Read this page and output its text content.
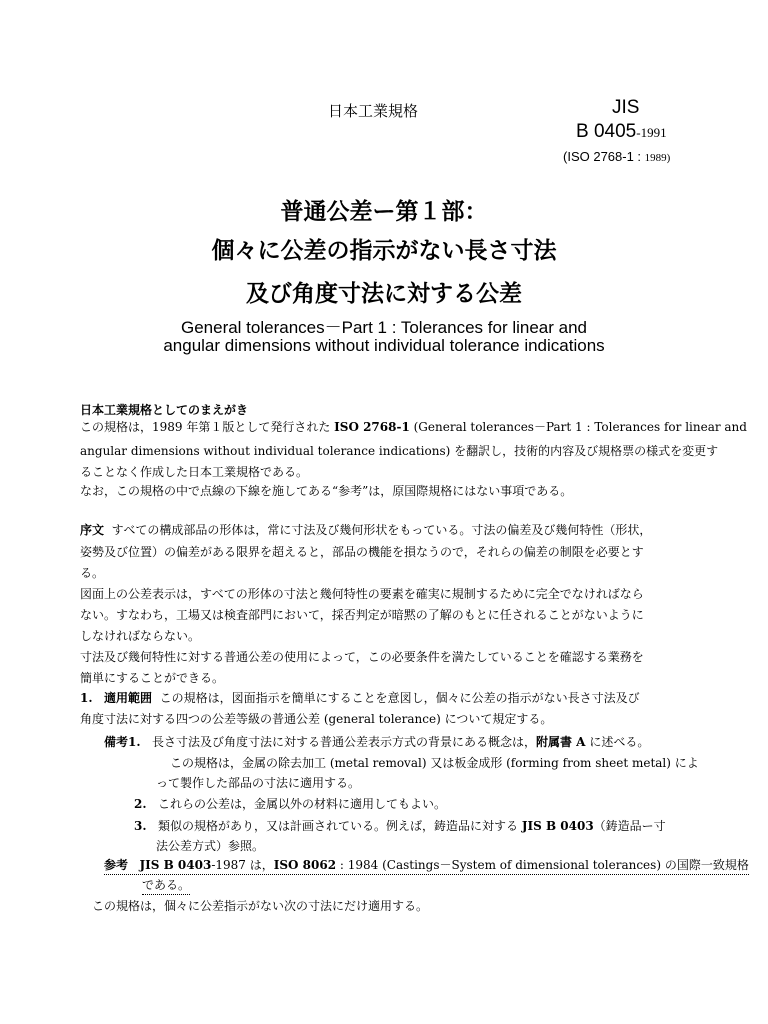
日本工業規格	JIS
B 0405-1991
(ISO 2768-1 : 1989)
普通公差ー第１部：
個々に公差の指示がない長さ寸法
及び角度寸法に対する公差
General tolerances－Part 1 : Tolerances for linear and
angular dimensions without individual tolerance indications
日本工業規格としてのまえがき
この規格は，1989 年第１版として発行された ISO 2768-1 (General tolerances－Part 1 : Tolerances for linear and
angular dimensions without individual tolerance indications) を翻訳し，技術的内容及び規格票の様式を変更す
ることなく作成した日本工業規格である。
なお，この規格の中で点線の下線を施してある“参考”は，原国際規格にはない事項である。
序文 すべての構成部品の形体は，常に寸法及び幾何形状をもっている。寸法の偏差及び幾何特性（形状，
姿勢及び位置）の偏差がある限界を超えると，部品の機能を損なうので，それらの偏差の制限を必要とす
る。
図面上の公差表示は，すべての形体の寸法と幾何特性の要素を確実に規制するために完全でなければなら
ない。すなわち，工場又は検査部門において，採否判定が暗黙の了解のもとに任されることがないように
しなければならない。
寸法及び幾何特性に対する普通公差の使用によって，この必要条件を満たしていることを確認する業務を
簡単にすることができる。
1. 適用範囲 この規格は，図面指示を簡単にすることを意図し，個々に公差の指示がない長さ寸法及び
角度寸法に対する四つの公差等級の普通公差 (general tolerance) について規定する。
備考1. 長さ寸法及び角度寸法に対する普通公差表示方式の背景にある概念は，附属書 A に述べる。
この規格は，金属の除去加工 (metal removal) 又は板金成形 (forming from sheet metal) によ
って製作した部品の寸法に適用する。
2. これらの公差は，金属以外の材料に適用してもよい。
3. 類似の規格があり，又は計画されている。例えば，鋳造品に対する JIS B 0403（鋳造品ー寸
法公差方式）参照。
参考 JIS B 0403-1987 は，ISO 8062 : 1984 (Castings－System of dimensional tolerances) の国際一致規格
である。
この規格は，個々に公差指示がない次の寸法にだけ適用する。
